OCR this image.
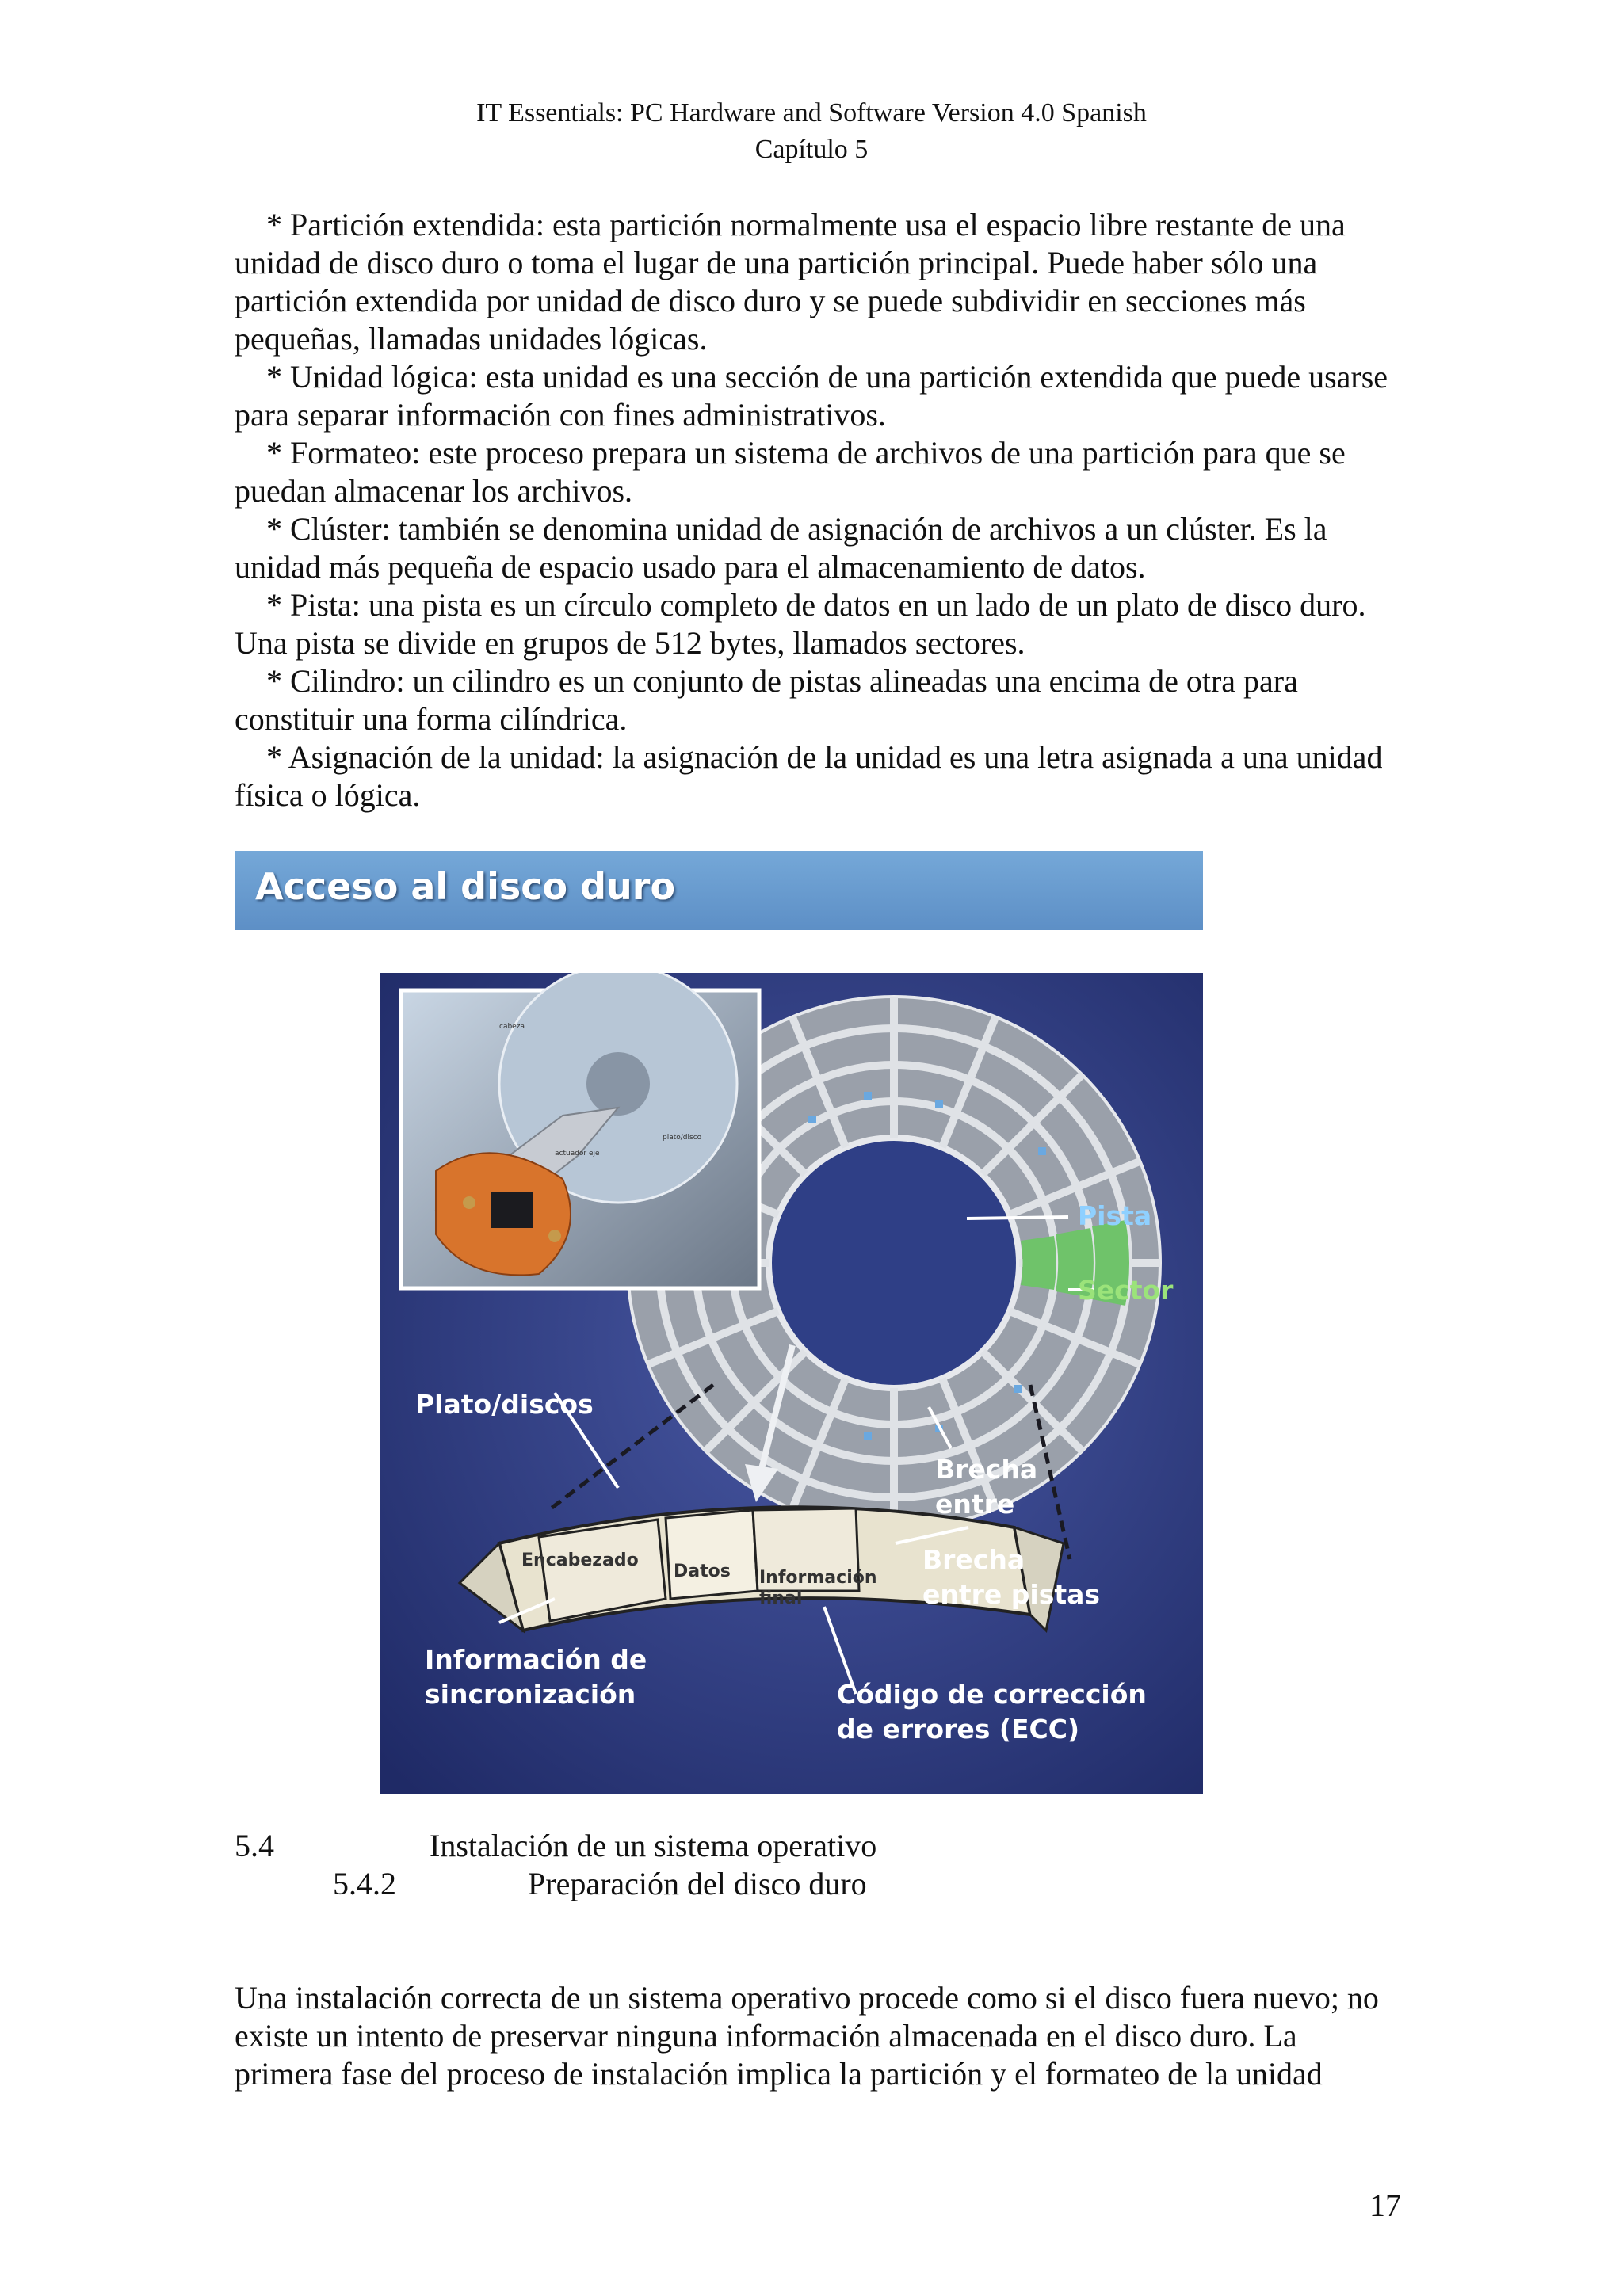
IT Essentials: PC Hardware and Software Version 4.0 Spanish
Capítulo 5

* Partición extendida: esta partición normalmente usa el espacio libre restante de una unidad de disco duro o toma el lugar de una partición principal. Puede haber sólo una partición extendida por unidad de disco duro y se puede subdividir en secciones más pequeñas, llamadas unidades lógicas.

* Unidad lógica: esta unidad es una sección de una partición extendida que puede usarse para separar información con fines administrativos.

* Formateo: este proceso prepara un sistema de archivos de una partición para que se puedan almacenar los archivos.

* Clúster: también se denomina unidad de asignación de archivos a un clúster. Es la unidad más pequeña de espacio usado para el almacenamiento de datos.

* Pista: una pista es un círculo completo de datos en un lado de un plato de disco duro. Una pista se divide en grupos de 512 bytes, llamados sectores.

* Cilindro: un cilindro es un conjunto de pistas alineadas una encima de otra para constituir una forma cilíndrica.

* Asignación de la unidad: la asignación de la unidad es una letra asignada a una unidad física o lógica.

Acceso al disco duro
cabeza
actuador eje
plato/disco
Encabezado
Datos Información
final
Pista
Sector
Plato/discos
Brecha
entre
Brecha
entre pistas
Información de
sincronización	Código de corrección
de errores (ECC)
5.4	Instalación de un sistema operativo
5.4.2	Preparación del disco duro
Una instalación correcta de un sistema operativo procede como si el disco fuera nuevo; no existe un intento de preservar ninguna información almacenada en el disco duro. La primera fase del proceso de instalación implica la partición y el formateo de la unidad
17
